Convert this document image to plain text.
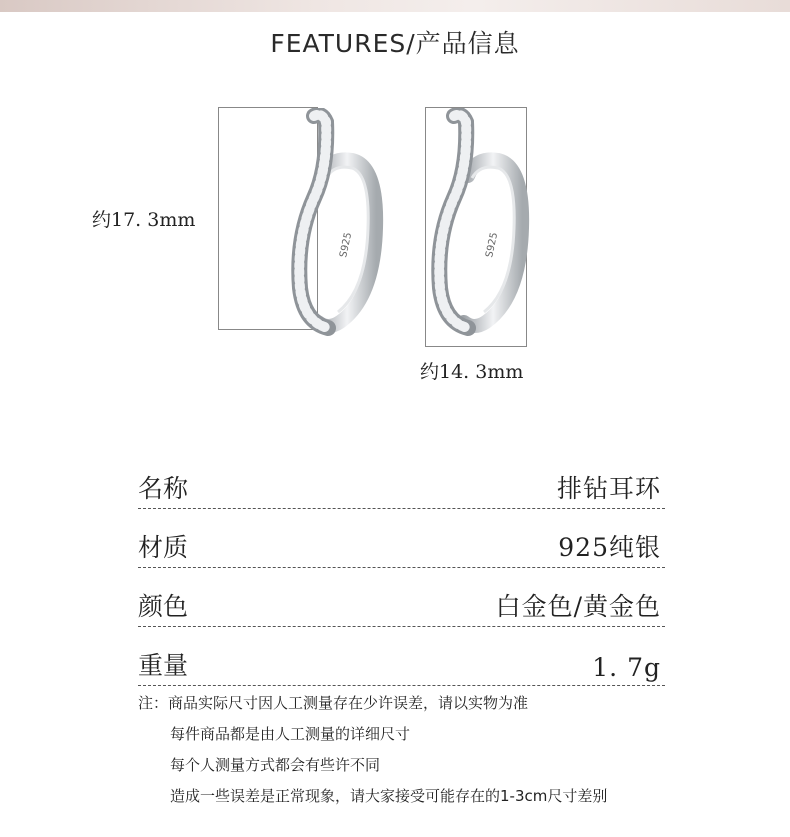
FEATURES/产品信息
约17. 3mm
约14. 3mm
S925	S925
名称	排钻耳环
材质	925纯银
颜色	白金色/黄金色
重量	1. 7g
注：商品实际尺寸因人工测量存在少许误差，请以实物为准
每件商品都是由人工测量的详细尺寸
每个人测量方式都会有些许不同
造成一些误差是正常现象，请大家接受可能存在的1-3cm尺寸差别
